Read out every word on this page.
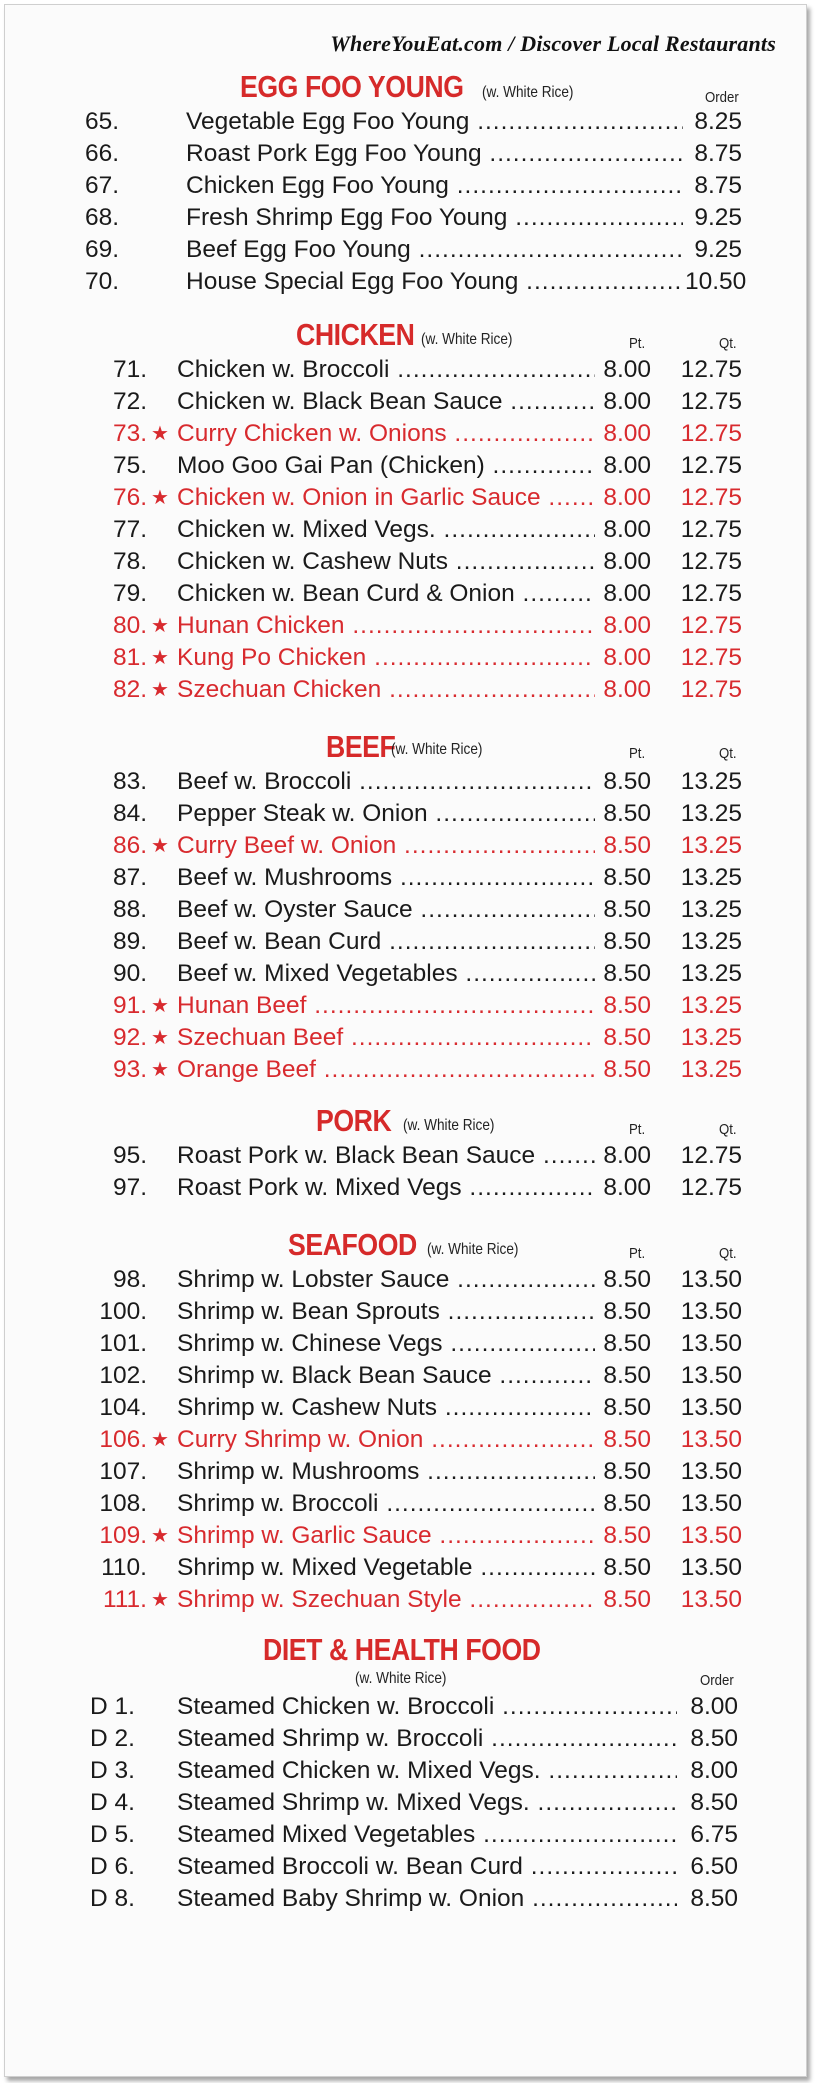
WhereYouEat.com / Discover Local Restaurants
EGG FOO YOUNG (w. White Rice)	Order
65.	Vegetable Egg Foo Young .....	8.25
66.	Roast Pork Egg Foo Young .....	8.75
67.	Chicken Egg Foo Young .....	8.75
68.	Fresh Shrimp Egg Foo Young .....	9.25
69.	Beef Egg Foo Young .....	9.25
70.	House Special Egg Foo Young .....	10.50
CHICKEN (w. White Rice)	Pt.	Qt.
71. Chicken w. Broccoli .....	8.00	12.75
72. Chicken w. Black Bean Sauce .....	8.00	12.75
73. ★ Curry Chicken w. Onions .....	8.00	12.75
75. Moo Goo Gai Pan (Chicken) .....	8.00	12.75
76. ★ Chicken w. Onion in Garlic Sauce .....	8.00	12.75
77. Chicken w. Mixed Vegs. .....	8.00	12.75
78. Chicken w. Cashew Nuts .....	8.00	12.75
79. Chicken w. Bean Curd & Onion .....	8.00	12.75
80. ★ Hunan Chicken .....	8.00	12.75
81. ★ Kung Po Chicken .....	8.00	12.75
82. ★ Szechuan Chicken .....	8.00	12.75
BEEF
(w. White Rice)	Pt.	Qt.
83. Beef w. Broccoli .....	8.50	13.25
84. Pepper Steak w. Onion .....	8.50	13.25
86. ★ Curry Beef w. Onion .....	8.50	13.25
87. Beef w. Mushrooms .....	8.50	13.25
88. Beef w. Oyster Sauce .....	8.50	13.25
89. Beef w. Bean Curd .....	8.50	13.25
90. Beef w. Mixed Vegetables .....	8.50	13.25
91. ★ Hunan Beef .....	8.50	13.25
92. ★ Szechuan Beef .....	8.50	13.25
93. ★ Orange Beef .....	8.50	13.25
PORK (w. White Rice)	Pt.	Qt.
95. Roast Pork w. Black Bean Sauce .....	8.00	12.75
97. Roast Pork w. Mixed Vegs .....	8.00	12.75
SEAFOOD (w. White Rice)	Pt.	Qt.
98. Shrimp w. Lobster Sauce .....	8.50	13.50
100. Shrimp w. Bean Sprouts .....	8.50	13.50
101. Shrimp w. Chinese Vegs .....	8.50	13.50
102. Shrimp w. Black Bean Sauce .....	8.50	13.50
104. Shrimp w. Cashew Nuts .....	8.50	13.50
106. ★ Curry Shrimp w. Onion .....	8.50	13.50
107. Shrimp w. Mushrooms .....	8.50	13.50
108. Shrimp w. Broccoli .....	8.50	13.50
109. ★ Shrimp w. Garlic Sauce .....	8.50	13.50
110. Shrimp w. Mixed Vegetable .....	8.50	13.50
111. ★ Shrimp w. Szechuan Style .....	8.50	13.50
DIET & HEALTH FOOD
(w. White Rice)	Order
D 1.	Steamed Chicken w. Broccoli .....	8.00
D 2.	Steamed Shrimp w. Broccoli .....	8.50
D 3.	Steamed Chicken w. Mixed Vegs. .....	8.00
D 4.	Steamed Shrimp w. Mixed Vegs. .....	8.50
D 5.	Steamed Mixed Vegetables .....	6.75
D 6.	Steamed Broccoli w. Bean Curd .....	6.50
D 8.	Steamed Baby Shrimp w. Onion .....	8.50
